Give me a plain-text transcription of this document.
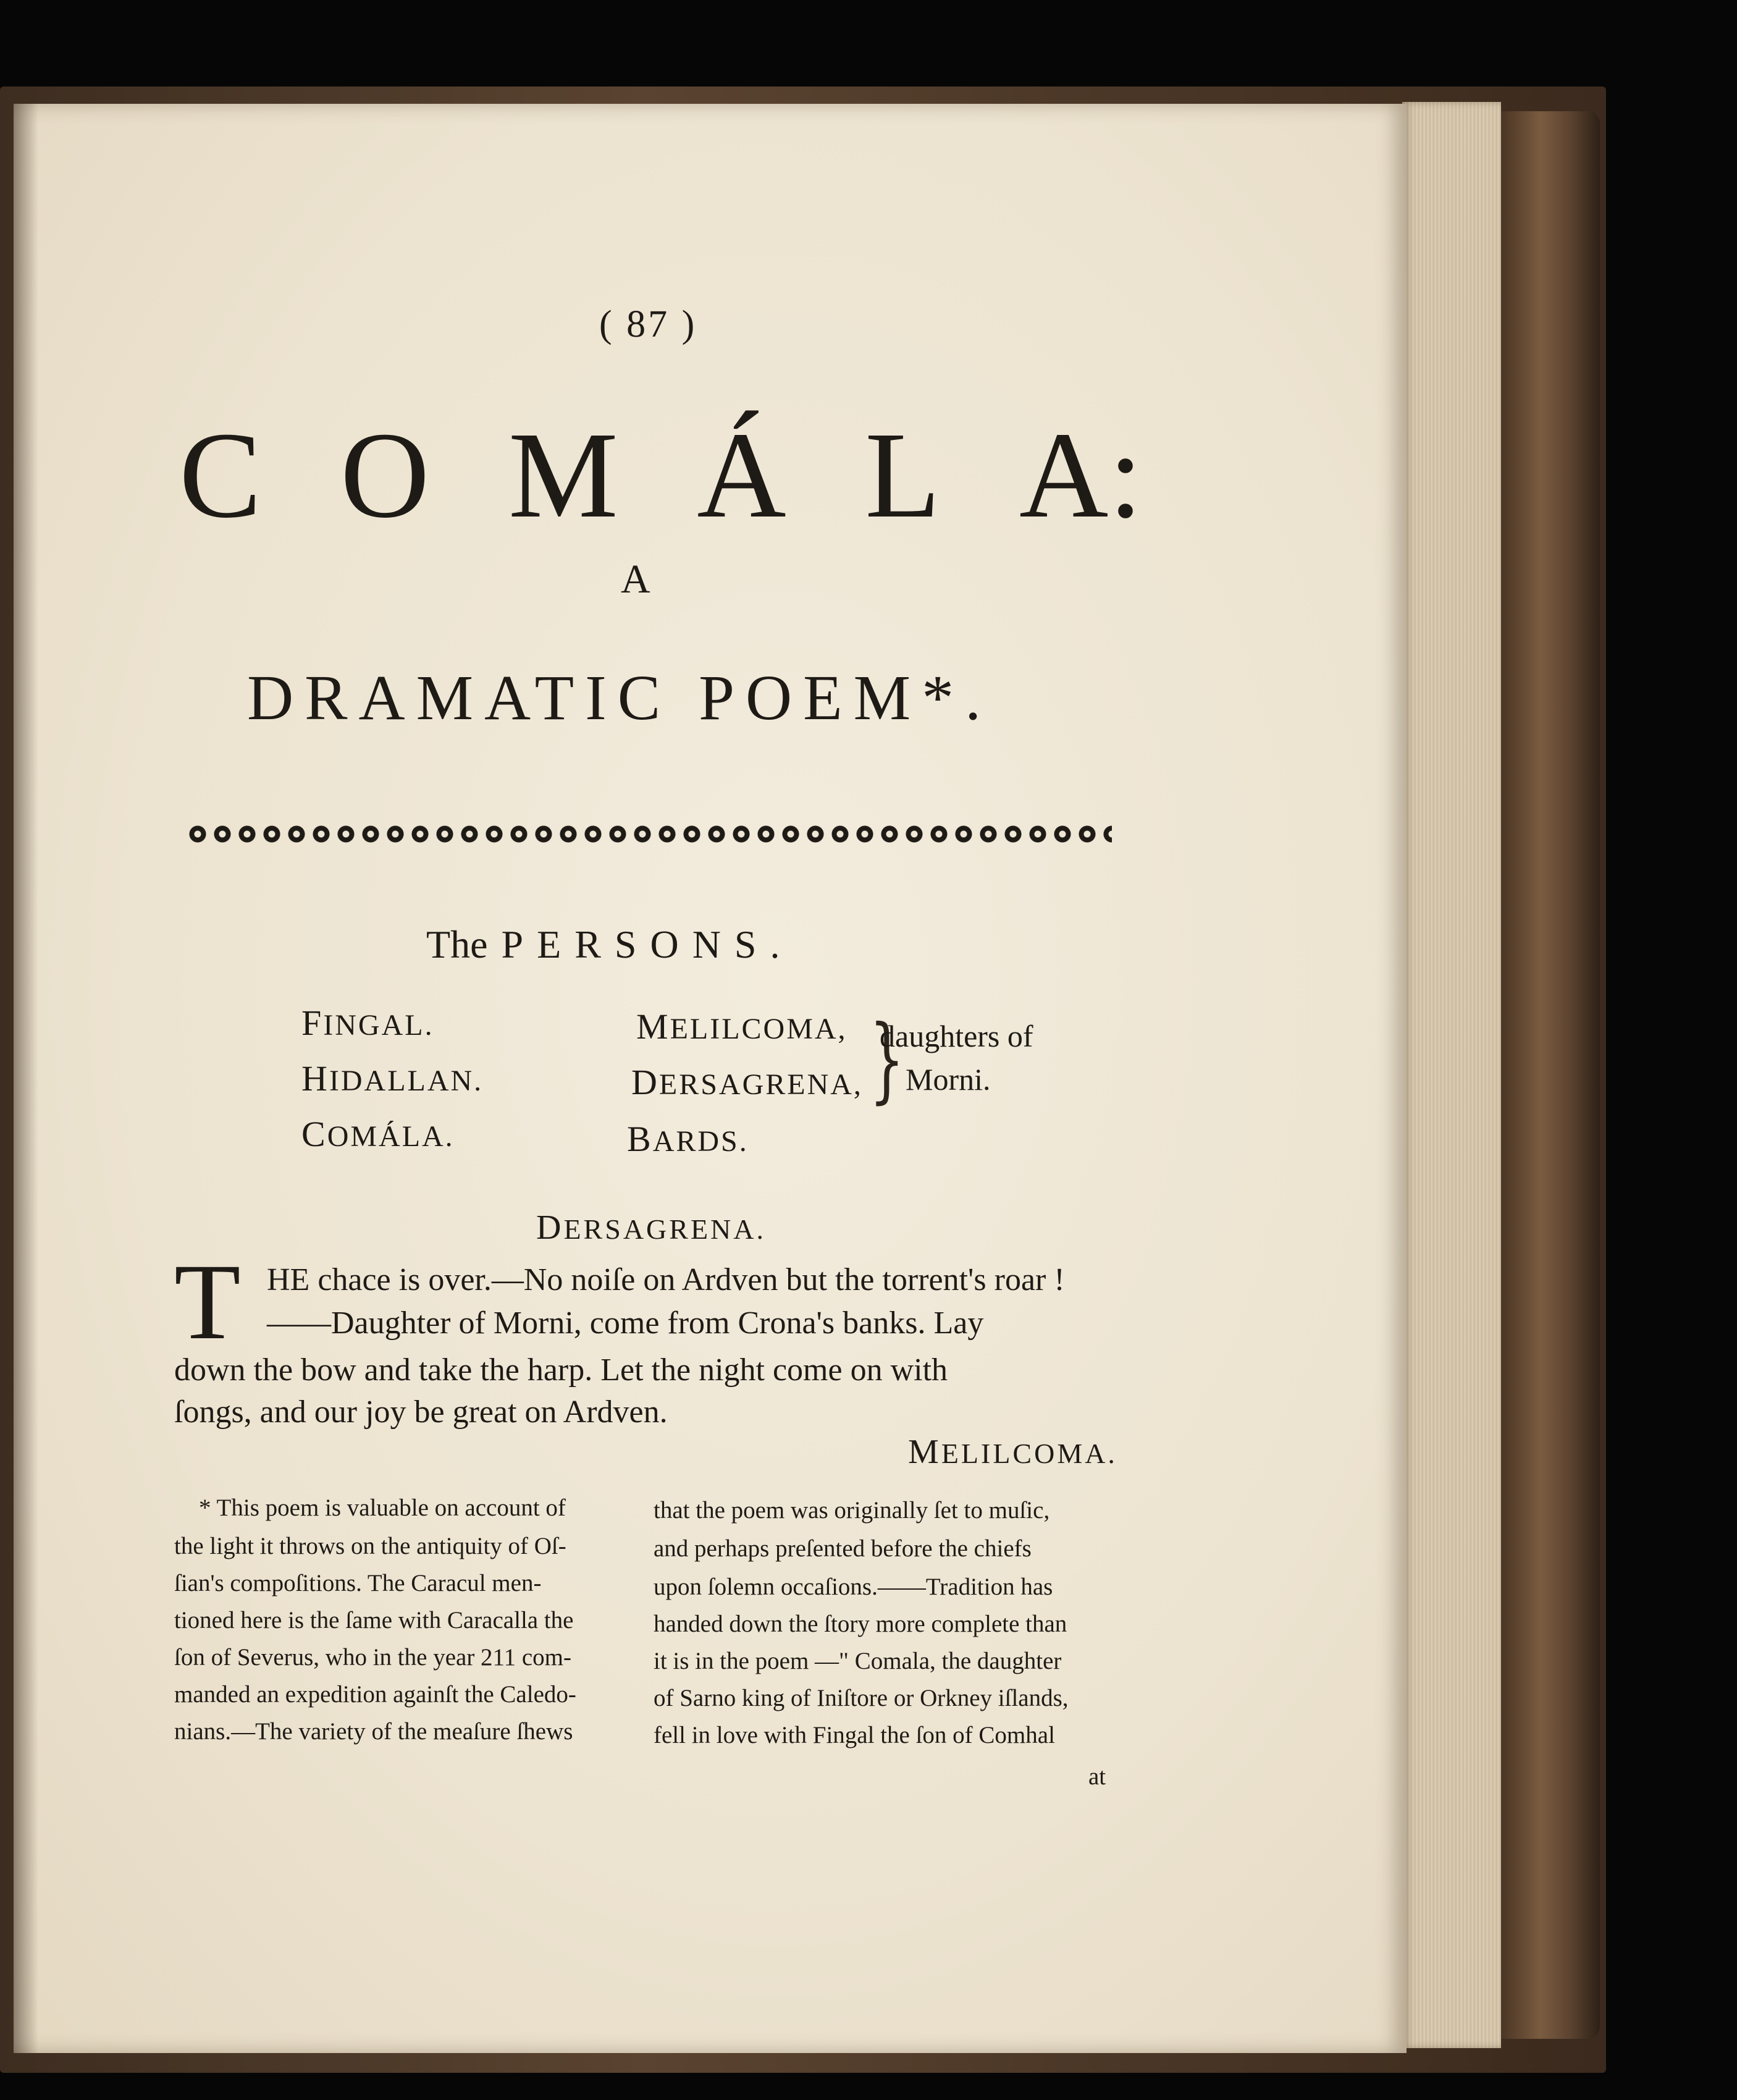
( 87 )
C O M Á L A:
A
DRAMATIC POEM*.
The PERSONS.
FINGAL.
HIDALLAN.
COMÁLA.
MELILCOMA,
DERSAGRENA,
BARDS.
}
daughters of
Morni.
DERSAGRENA.
T HE chace is over.—No noiſe on Ardven but the torrent's roar !
——Daughter of Morni, come from Crona's banks. Lay
down the bow and take the harp. Let the night come on with
ſongs, and our joy be great on Ardven.
MELILCOMA.
* This poem is valuable on account of
the light it throws on the antiquity of Oſ-
ſian's compoſitions. The Caracul men-
tioned here is the ſame with Caracalla the
ſon of Severus, who in the year 211 com-
manded an expedition againſt the Caledo-
nians.—The variety of the meaſure ſhews
that the poem was originally ſet to muſic,
and perhaps preſented before the chiefs
upon ſolemn occaſions.——Tradition has
handed down the ſtory more complete than
it is in the poem —" Comala, the daughter
of Sarno king of Iniſtore or Orkney iſlands,
fell in love with Fingal the ſon of Comhal
at
